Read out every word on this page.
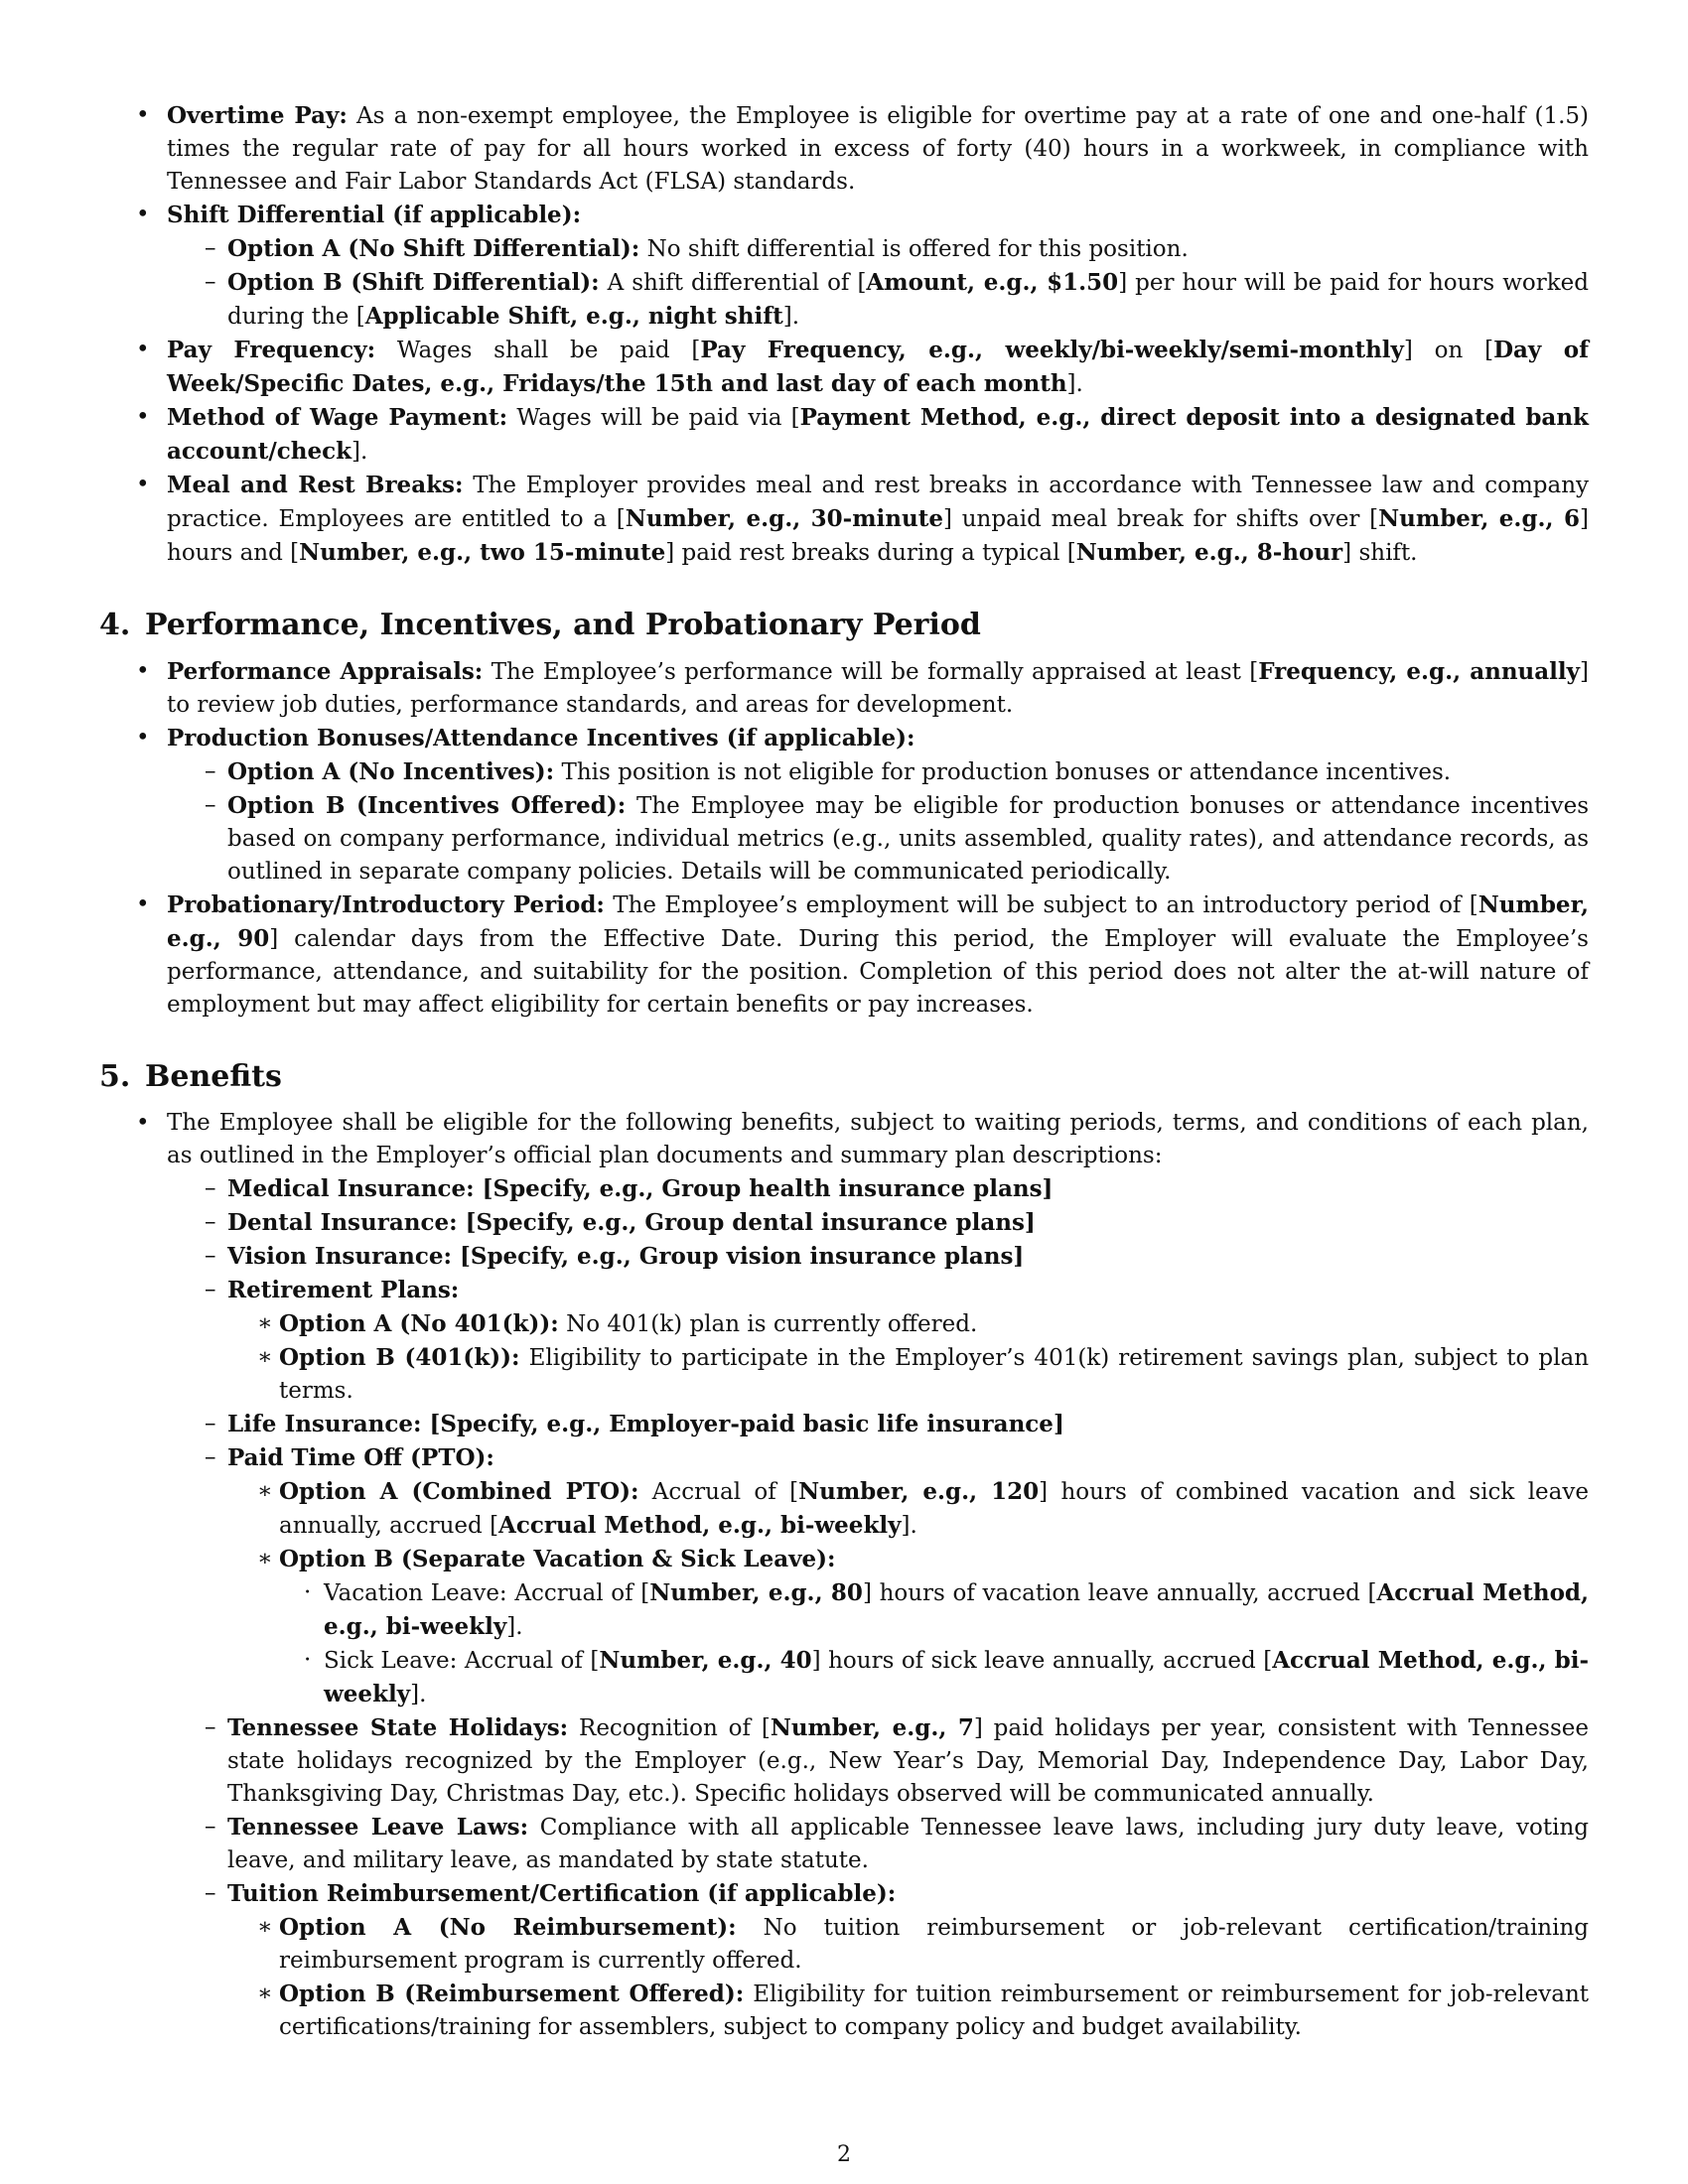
• Overtime Pay: As a non-exempt employee, the Employee is eligible for overtime pay at a rate of one and one-half (1.5) times the regular rate of pay for all hours worked in excess of forty (40) hours in a workweek, in compliance with Tennessee and Fair Labor Standards Act (FLSA) standards.
• Shift Differential (if applicable):
– Option A (No Shift Differential): No shift differential is offered for this position.
– Option B (Shift Differential): A shift differential of [Amount, e.g., $1.50] per hour will be paid for hours worked during the [Applicable Shift, e.g., night shift].
• Pay Frequency: Wages shall be paid [Pay Frequency, e.g., weekly/bi-weekly/semi-monthly] on [Day of Week/Specific Dates, e.g., Fridays/the 15th and last day of each month].
• Method of Wage Payment: Wages will be paid via [Payment Method, e.g., direct deposit into a designated bank account/check].
• Meal and Rest Breaks: The Employer provides meal and rest breaks in accordance with Tennessee law and company practice. Employees are entitled to a [Number, e.g., 30-minute] unpaid meal break for shifts over [Number, e.g., 6] hours and [Number, e.g., two 15-minute] paid rest breaks during a typical [Number, e.g., 8-hour] shift.
4. Performance, Incentives, and Probationary Period
• Performance Appraisals: The Employee’s performance will be formally appraised at least [Frequency, e.g., annually] to review job duties, performance standards, and areas for development.
• Production Bonuses/Attendance Incentives (if applicable):
– Option A (No Incentives): This position is not eligible for production bonuses or attendance incentives.
– Option B (Incentives Offered): The Employee may be eligible for production bonuses or attendance incentives based on company performance, individual metrics (e.g., units assembled, quality rates), and attendance records, as outlined in separate company policies. Details will be communicated periodically.
• Probationary/Introductory Period: The Employee’s employment will be subject to an introductory period of [Number, e.g., 90] calendar days from the Effective Date. During this period, the Employer will evaluate the Employee’s performance, attendance, and suitability for the position. Completion of this period does not alter the at-will nature of employment but may affect eligibility for certain benefits or pay increases.
5. Benefits
• The Employee shall be eligible for the following benefits, subject to waiting periods, terms, and conditions of each plan, as outlined in the Employer’s official plan documents and summary plan descriptions:
– Medical Insurance: [Specify, e.g., Group health insurance plans]
– Dental Insurance: [Specify, e.g., Group dental insurance plans]
– Vision Insurance: [Specify, e.g., Group vision insurance plans]
– Retirement Plans:
∗ Option A (No 401(k)): No 401(k) plan is currently offered.
∗ Option B (401(k)): Eligibility to participate in the Employer’s 401(k) retirement savings plan, subject to plan terms.
– Life Insurance: [Specify, e.g., Employer-paid basic life insurance]
– Paid Time Off (PTO):
∗ Option A (Combined PTO): Accrual of [Number, e.g., 120] hours of combined vacation and sick leave annually, accrued [Accrual Method, e.g., bi-weekly].
∗ Option B (Separate Vacation & Sick Leave):
· Vacation Leave: Accrual of [Number, e.g., 80] hours of vacation leave annually, accrued [Accrual Method, e.g., bi-weekly].
· Sick Leave: Accrual of [Number, e.g., 40] hours of sick leave annually, accrued [Accrual Method, e.g., bi-weekly].
– Tennessee State Holidays: Recognition of [Number, e.g., 7] paid holidays per year, consistent with Tennessee state holidays recognized by the Employer (e.g., New Year’s Day, Memorial Day, Independence Day, Labor Day, Thanksgiving Day, Christmas Day, etc.). Specific holidays observed will be communicated annually.
– Tennessee Leave Laws: Compliance with all applicable Tennessee leave laws, including jury duty leave, voting leave, and military leave, as mandated by state statute.
– Tuition Reimbursement/Certification (if applicable):
∗ Option A (No Reimbursement): No tuition reimbursement or job-relevant certification/training reimbursement program is currently offered.
∗ Option B (Reimbursement Offered): Eligibility for tuition reimbursement or reimbursement for job-relevant certifications/training for assemblers, subject to company policy and budget availability.
2
